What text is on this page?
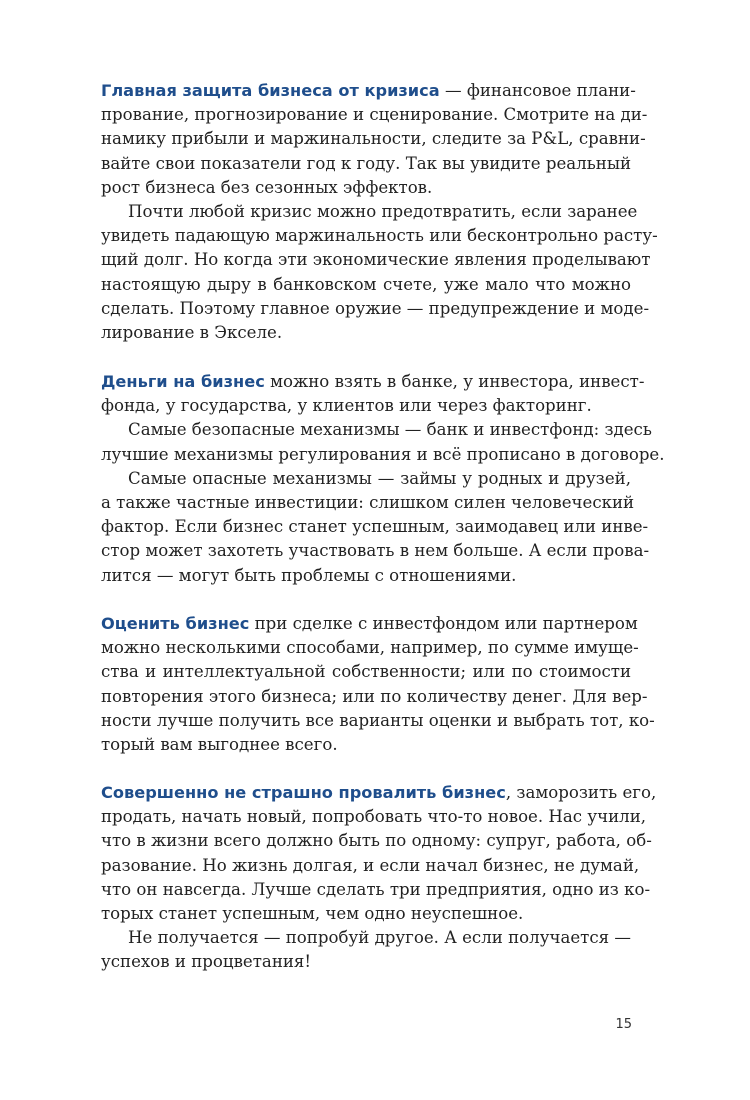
Главная защита бизнеса от кризиса — финансовое плани-
прование, прогнозирование и сценирование. Смотрите на ди-
намику прибыли и маржинальности, следите за P&L, сравни-
вайте свои показатели год к году. Так вы увидите реальный
рост бизнеса без сезонных эффектов.
Почти любой кризис можно предотвратить, если заранее
увидеть падающую маржинальность или бесконтрольно расту-
щий долг. Но когда эти экономические явления проделывают
настоящую дыру в банковском счете, уже мало что можно
сделать. Поэтому главное оружие — предупреждение и моде-
лирование в Экселе.
Деньги на бизнес можно взять в банке, у инвестора, инвест-
фонда, у государства, у клиентов или через факторинг.
Самые безопасные механизмы — банк и инвестфонд: здесь
лучшие механизмы регулирования и всё прописано в договоре.
Самые опасные механизмы — займы у родных и друзей,
а также частные инвестиции: слишком силен человеческий
фактор. Если бизнес станет успешным, заимодавец или инве-
стор может захотеть участвовать в нем больше. А если прова-
лится — могут быть проблемы с отношениями.
Оценить бизнес при сделке с инвестфондом или партнером
можно несколькими способами, например, по сумме имуще-
ства и интеллектуальной собственности; или по стоимости
повторения этого бизнеса; или по количеству денег. Для вер-
ности лучше получить все варианты оценки и выбрать тот, ко-
торый вам выгоднее всего.
Совершенно не страшно провалить бизнес, заморозить его,
продать, начать новый, попробовать что-то новое. Нас учили,
что в жизни всего должно быть по одному: супруг, работа, об-
разование. Но жизнь долгая, и если начал бизнес, не думай,
что он навсегда. Лучше сделать три предприятия, одно из ко-
торых станет успешным, чем одно неуспешное.
Не получается — попробуй другое. А если получается —
успехов и процветания!
15
